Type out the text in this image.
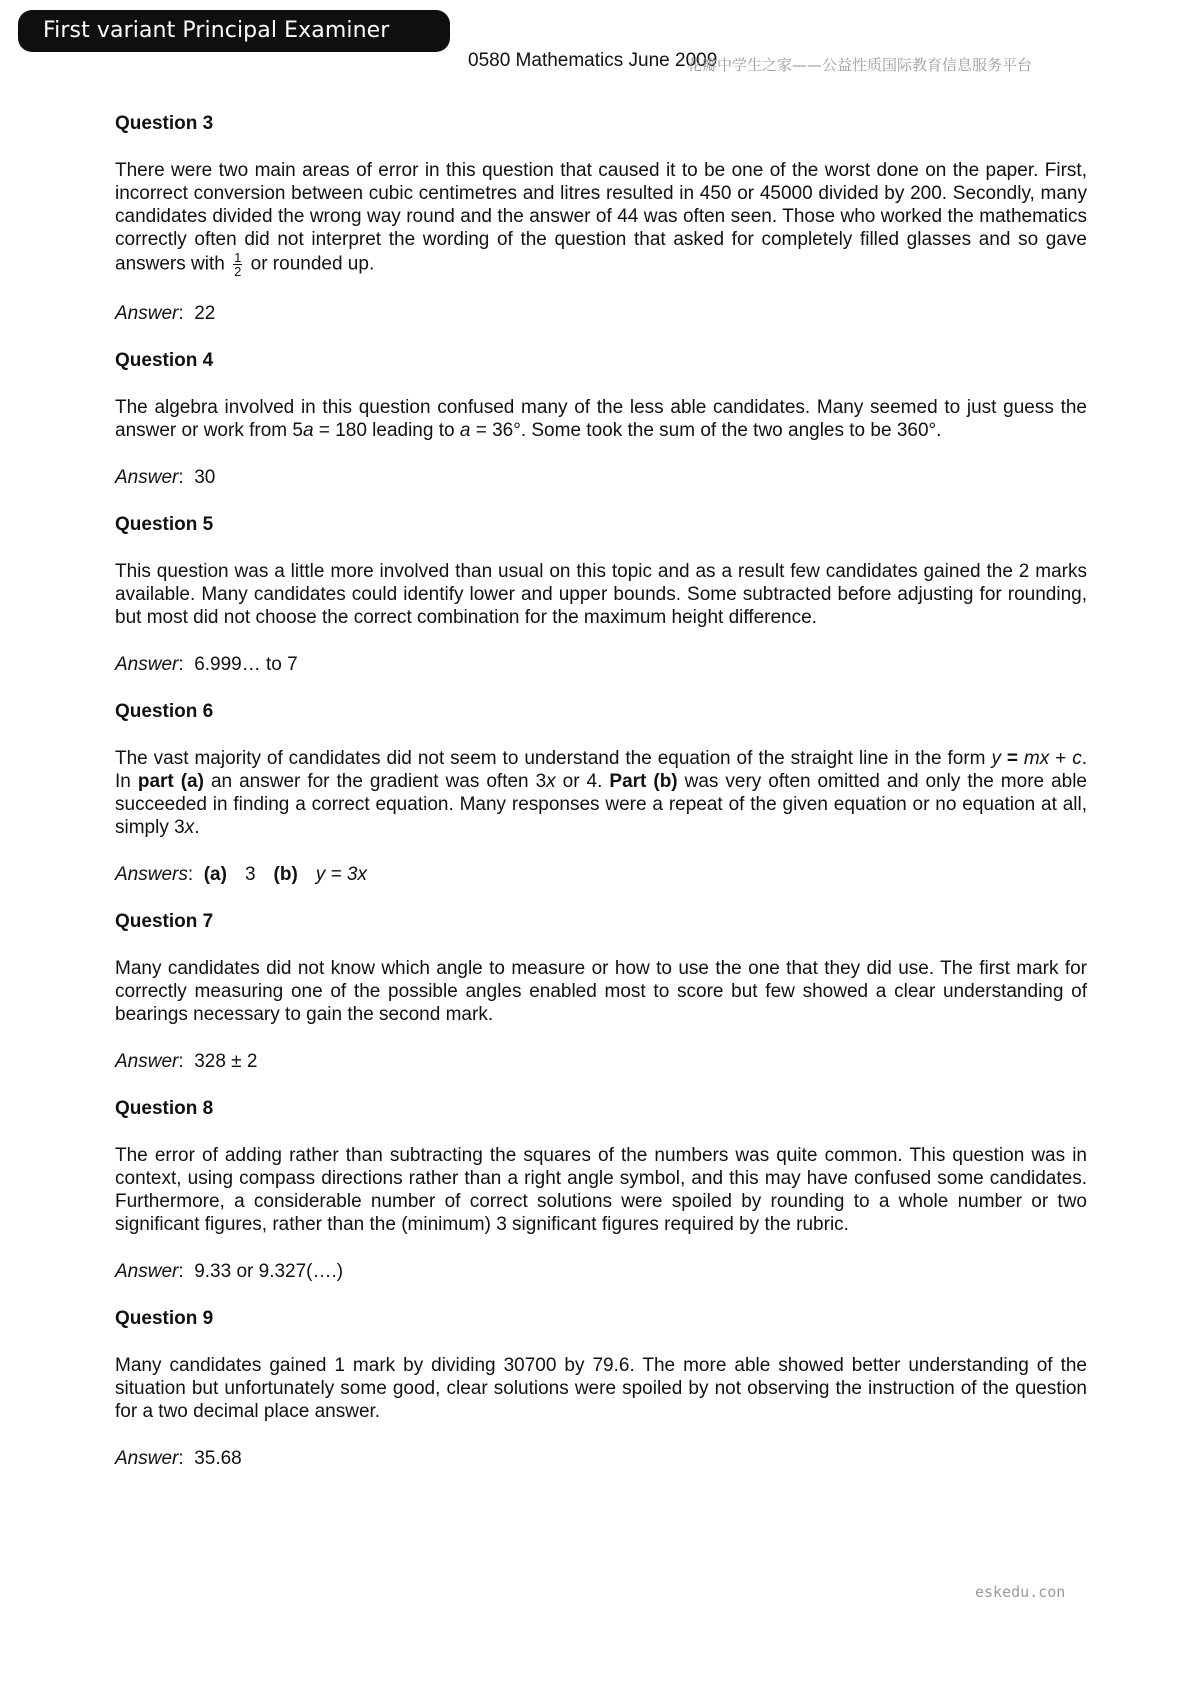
First variant Principal Examiner Report	0580 Mathematics June 2009
花瓣中学生之家——公益性质国际教育信息服务平台
Question 3
There were two main areas of error in this question that caused it to be one of the worst done on the paper. First, incorrect conversion between cubic centimetres and litres resulted in 450 or 45000 divided by 200. Secondly, many candidates divided the wrong way round and the answer of 44 was often seen. Those who worked the mathematics correctly often did not interpret the wording of the question that asked for completely filled glasses and so gave answers with $\frac{1}{2}$ or rounded up.
Answer:  22
Question 4
The algebra involved in this question confused many of the less able candidates. Many seemed to just guess the answer or work from 5a = 180 leading to a = 36°. Some took the sum of the two angles to be 360°.
Answer:  30
Question 5
This question was a little more involved than usual on this topic and as a result few candidates gained the 2 marks available. Many candidates could identify lower and upper bounds. Some subtracted before adjusting for rounding, but most did not choose the correct combination for the maximum height difference.
Answer:  6.999… to 7
Question 6
The vast majority of candidates did not seem to understand the equation of the straight line in the form y = mx + c. In part (a) an answer for the gradient was often 3x or 4. Part (b) was very often omitted and only the more able succeeded in finding a correct equation. Many responses were a repeat of the given equation or no equation at all, simply 3x.
Answers:  (a) 3 (b) y = 3x
Question 7
Many candidates did not know which angle to measure or how to use the one that they did use. The first mark for correctly measuring one of the possible angles enabled most to score but few showed a clear understanding of bearings necessary to gain the second mark.
Answer:  328 ± 2
Question 8
The error of adding rather than subtracting the squares of the numbers was quite common. This question was in context, using compass directions rather than a right angle symbol, and this may have confused some candidates. Furthermore, a considerable number of correct solutions were spoiled by rounding to a whole number or two significant figures, rather than the (minimum) 3 significant figures required by the rubric.
Answer:  9.33 or 9.327(….)
Question 9
Many candidates gained 1 mark by dividing 30700 by 79.6. The more able showed better understanding of the situation but unfortunately some good, clear solutions were spoiled by not observing the instruction of the question for a two decimal place answer.
Answer:  35.68
eskedu.con
